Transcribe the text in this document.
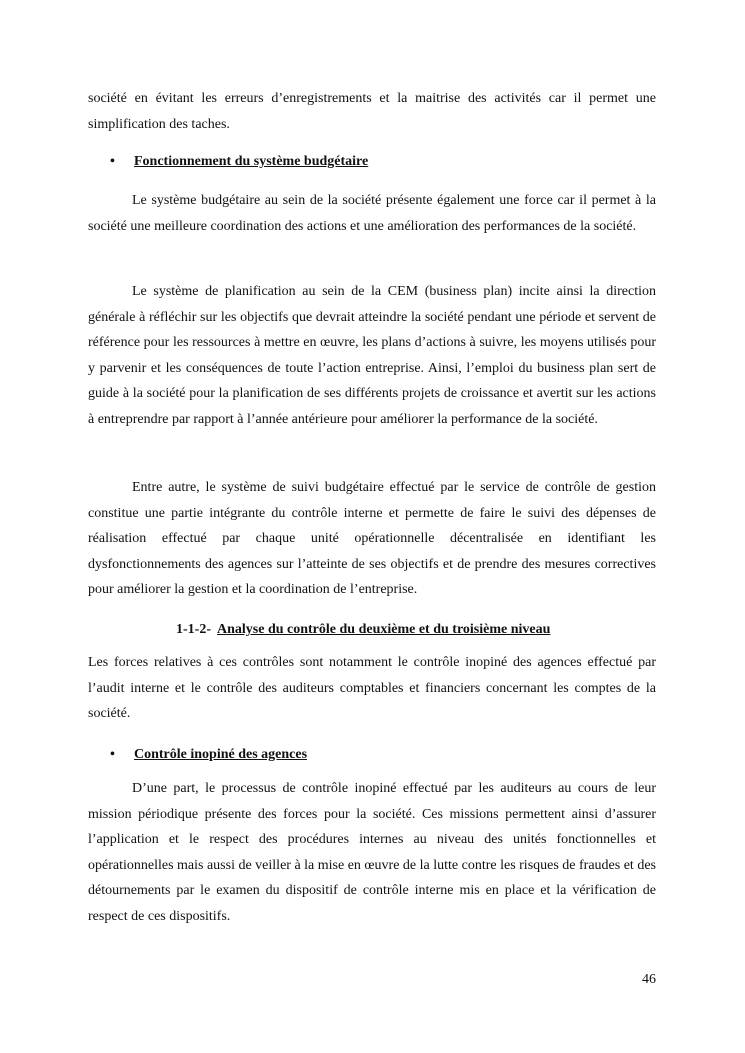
société en évitant les erreurs d’enregistrements et la maitrise des activités car il permet une simplification des taches.

• Fonctionnement du système budgétaire

Le système budgétaire au sein de la société présente également une force car il permet à la société une meilleure coordination des actions et une amélioration des performances de la société.

Le système de planification au sein de la CEM (business plan) incite ainsi la direction générale à réfléchir sur les objectifs que devrait atteindre la société pendant une période et servent de référence pour les ressources à mettre en œuvre, les plans d’actions à suivre, les moyens utilisés pour y parvenir et les conséquences de toute l’action entreprise. Ainsi, l’emploi du business plan sert de guide à la société pour la planification de ses différents projets de croissance et avertit sur les actions à entreprendre par rapport à l’année antérieure pour améliorer la performance de la société.

Entre autre, le système de suivi budgétaire effectué par le service de contrôle de gestion constitue une partie intégrante du contrôle interne et permette de faire le suivi des dépenses de réalisation effectué par chaque unité opérationnelle décentralisée en identifiant les dysfonctionnements des agences sur l’atteinte de ses objectifs et de prendre des mesures correctives pour améliorer la gestion et la coordination de l’entreprise.

1-1-2- Analyse du contrôle du deuxième et du troisième niveau

Les forces relatives à ces contrôles sont notamment le contrôle inopiné des agences effectué par l’audit interne et le contrôle des auditeurs comptables et financiers concernant les comptes de la société.

• Contrôle inopiné des agences

D’une part, le processus de contrôle inopiné effectué par les auditeurs au cours de leur mission périodique présente des forces pour la société. Ces missions permettent ainsi d’assurer l’application et le respect des procédures internes au niveau des unités fonctionnelles et opérationnelles mais aussi de veiller à la mise en œuvre de la lutte contre les risques de fraudes et des détournements par le examen du dispositif de contrôle interne mis en place et la vérification de respect de ces dispositifs.

46
